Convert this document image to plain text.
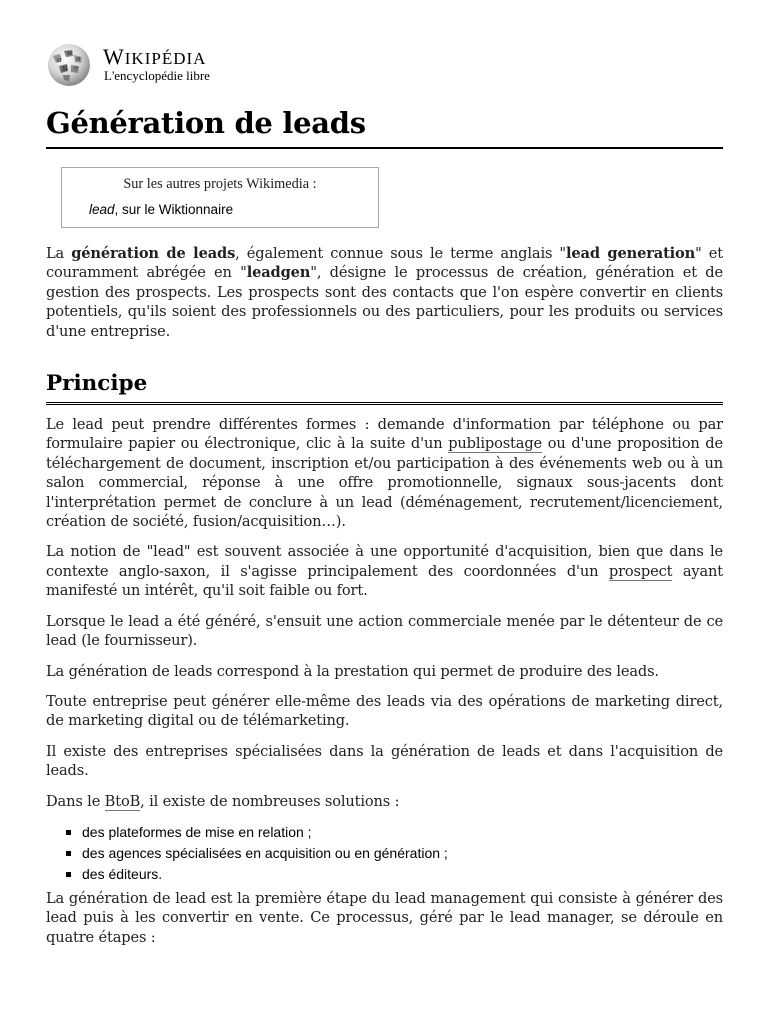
Ω
W
И
維 ウ
WIKIPÉDIA
L'encyclopédie libre
Génération de leads
Sur les autres projets Wikimedia :
lead, sur le Wiktionnaire

La génération de leads, également connue sous le terme anglais "lead generation" et couramment abrégée en "leadgen", désigne le processus de création, génération et de gestion des prospects. Les prospects sont des contacts que l'on espère convertir en clients potentiels, qu'ils soient des professionnels ou des particuliers, pour les produits ou services d'une entreprise.

Principe

Le lead peut prendre différentes formes : demande d'information par téléphone ou par formulaire papier ou électronique, clic à la suite d'un publipostage ou d'une proposition de téléchargement de document, inscription et/ou participation à des événements web ou à un salon commercial, réponse à une offre promotionnelle, signaux sous-jacents dont l'interprétation permet de conclure à un lead (déménagement, recrutement/licenciement, création de société, fusion/acquisition…).

La notion de "lead" est souvent associée à une opportunité d'acquisition, bien que dans le contexte anglo-saxon, il s'agisse principalement des coordonnées d'un prospect ayant manifesté un intérêt, qu'il soit faible ou fort.

Lorsque le lead a été généré, s'ensuit une action commerciale menée par le détenteur de ce lead (le fournisseur).

La génération de leads correspond à la prestation qui permet de produire des leads.

Toute entreprise peut générer elle-même des leads via des opérations de marketing direct, de marketing digital ou de télémarketing.

Il existe des entreprises spécialisées dans la génération de leads et dans l'acquisition de leads.

Dans le BtoB, il existe de nombreuses solutions :

des plateformes de mise en relation ;
des agences spécialisées en acquisition ou en génération ;
des éditeurs.

La génération de lead est la première étape du lead management qui consiste à générer des lead puis à les convertir en vente. Ce processus, géré par le lead manager, se déroule en quatre étapes :
